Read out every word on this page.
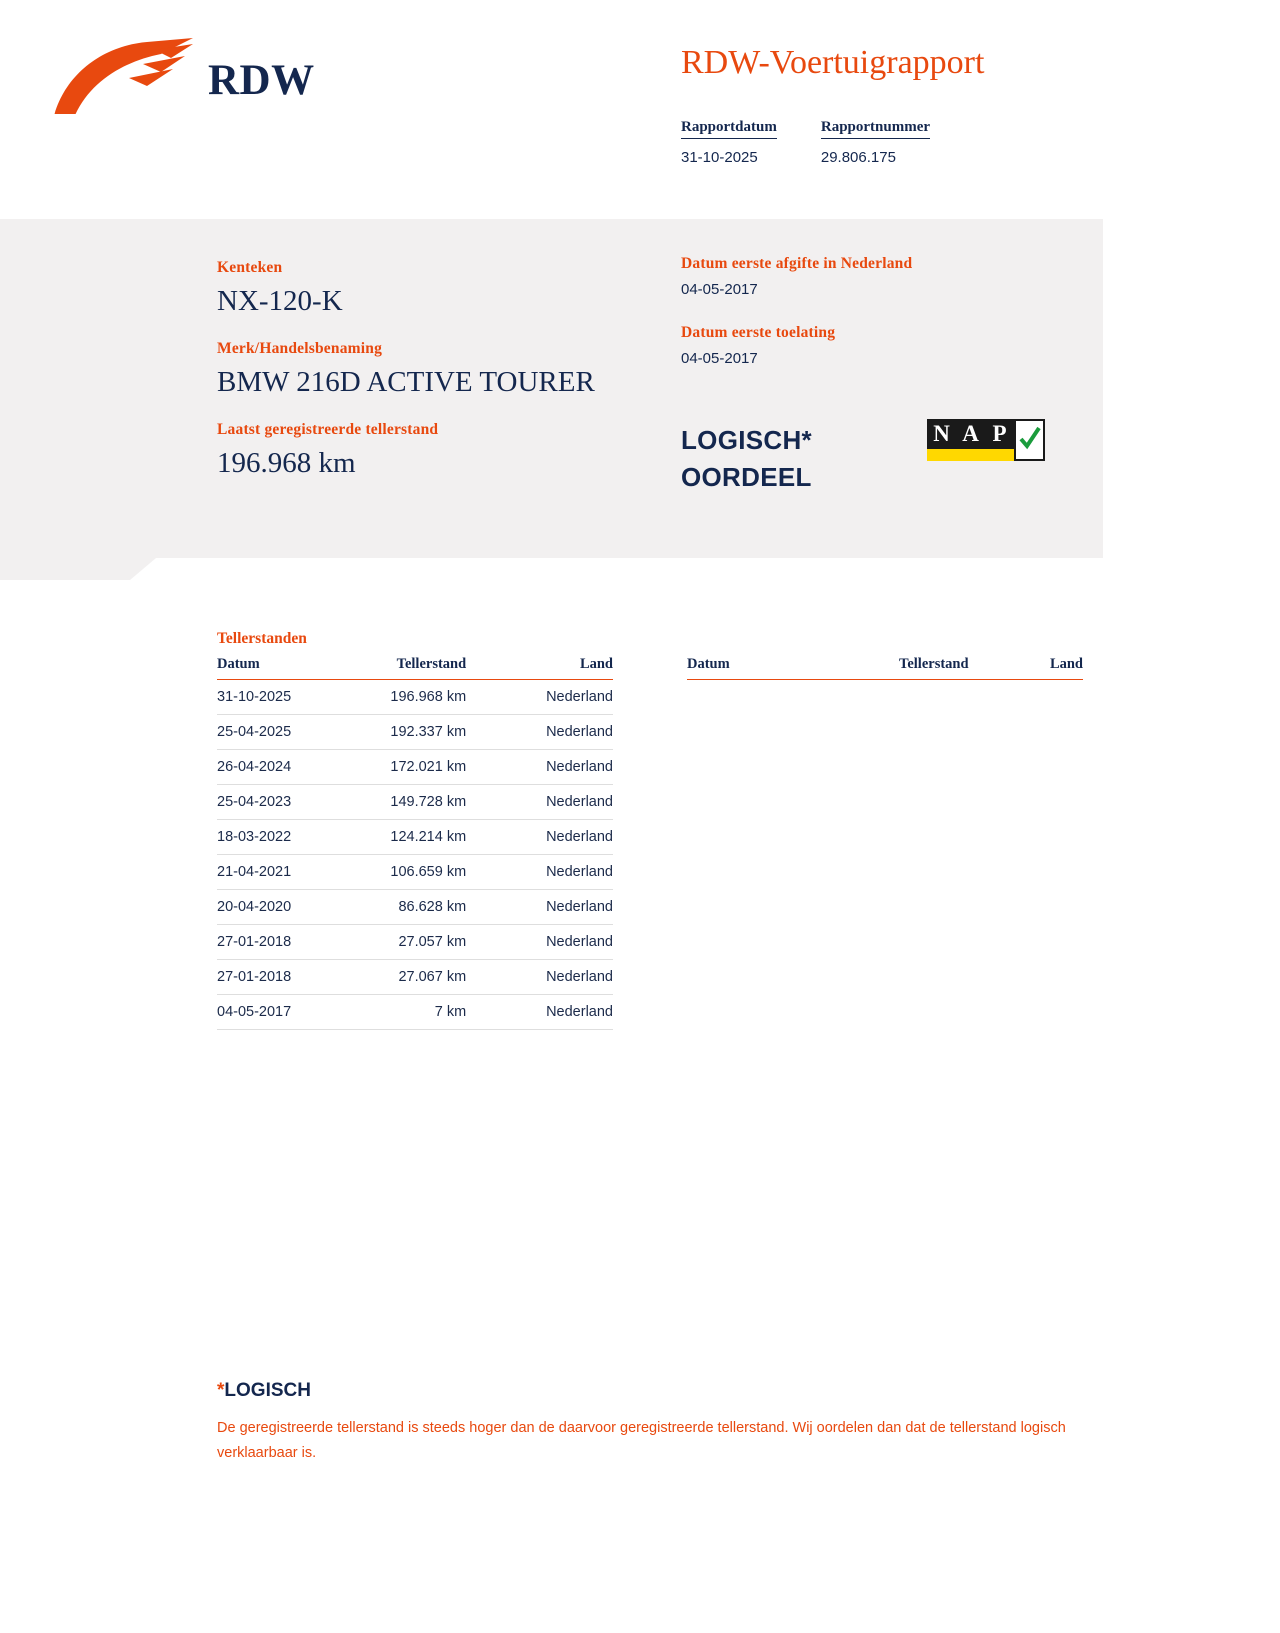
RDW	RDW-Voertuigrapport
Rapportdatum
31-10-2025
Rapportnummer
29.806.175
Kenteken
NX-120-K
Merk/Handelsbenaming
BMW 216D ACTIVE TOURER
Laatst geregistreerde tellerstand
196.968 km
Datum eerste afgifte in Nederland
04-05-2017
Datum eerste toelating
04-05-2017
LOGISCH*
OORDEEL
N A P
Tellerstanden
Datum	Tellerstand	Land
31-10-2025	196.968 km	Nederland
25-04-2025	192.337 km	Nederland
26-04-2024	172.021 km	Nederland
25-04-2023	149.728 km	Nederland
18-03-2022	124.214 km	Nederland
21-04-2021	106.659 km	Nederland
20-04-2020	86.628 km	Nederland
27-01-2018	27.057 km	Nederland
27-01-2018	27.067 km	Nederland
04-05-2017	7 km	Nederland
Datum	Tellerstand	Land
*LOGISCH
De geregistreerde tellerstand is steeds hoger dan de daarvoor geregistreerde tellerstand. Wij oordelen dan dat de tellerstand logisch verklaarbaar is.
